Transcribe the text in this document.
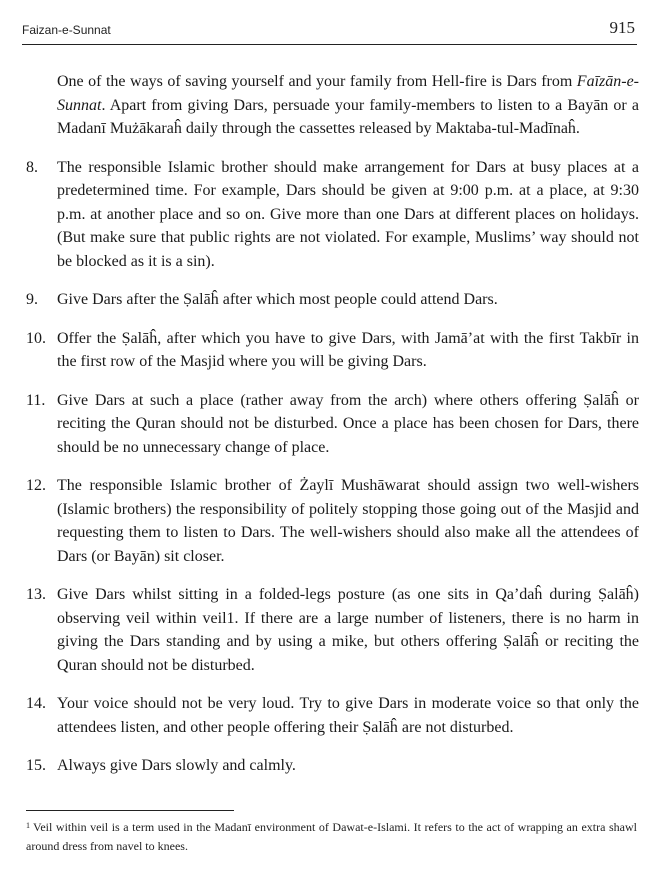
Faizan-e-Sunnat	915

One of the ways of saving yourself and your family from Hell-fire is Dars from Faīzān-e-Sunnat. Apart from giving Dars, persuade your family-members to listen to a Bayān or a Madanī Mużākaraĥ daily through the cassettes released by Maktaba-tul-Madīnaĥ.

8.	The responsible Islamic brother should make arrangement for Dars at busy places at a predetermined time. For example, Dars should be given at 9:00 p.m. at a place, at 9:30 p.m. at another place and so on. Give more than one Dars at different places on holidays. (But make sure that public rights are not violated. For example, Muslims’ way should not be blocked as it is a sin).
9.	Give Dars after the Ṣalāĥ after which most people could attend Dars.
10. Offer the Ṣalāĥ, after which you have to give Dars, with Jamā’at with the first Takbīr in the first row of the Masjid where you will be giving Dars.
11. Give Dars at such a place (rather away from the arch) where others offering Ṣalāĥ or reciting the Quran should not be disturbed. Once a place has been chosen for Dars, there should be no unnecessary change of place.
12. The responsible Islamic brother of Żaylī Mushāwarat should assign two well-wishers (Islamic brothers) the responsibility of politely stopping those going out of the Masjid and requesting them to listen to Dars. The well-wishers should also make all the attendees of Dars (or Bayān) sit closer.
13. Give Dars whilst sitting in a folded-legs posture (as one sits in Qa’daĥ during Ṣalāĥ) observing veil within veil1. If there are a large number of listeners, there is no harm in giving the Dars standing and by using a mike, but others offering Ṣalāĥ or reciting the Quran should not be disturbed.
14. Your voice should not be very loud. Try to give Dars in moderate voice so that only the attendees listen, and other people offering their Ṣalāĥ are not disturbed.
15. Always give Dars slowly and calmly.
$^1$ Veil within veil is a term used in the Madanī environment of Dawat-e-Islami. It refers to the act of wrapping an extra shawl around dress from navel to knees.
